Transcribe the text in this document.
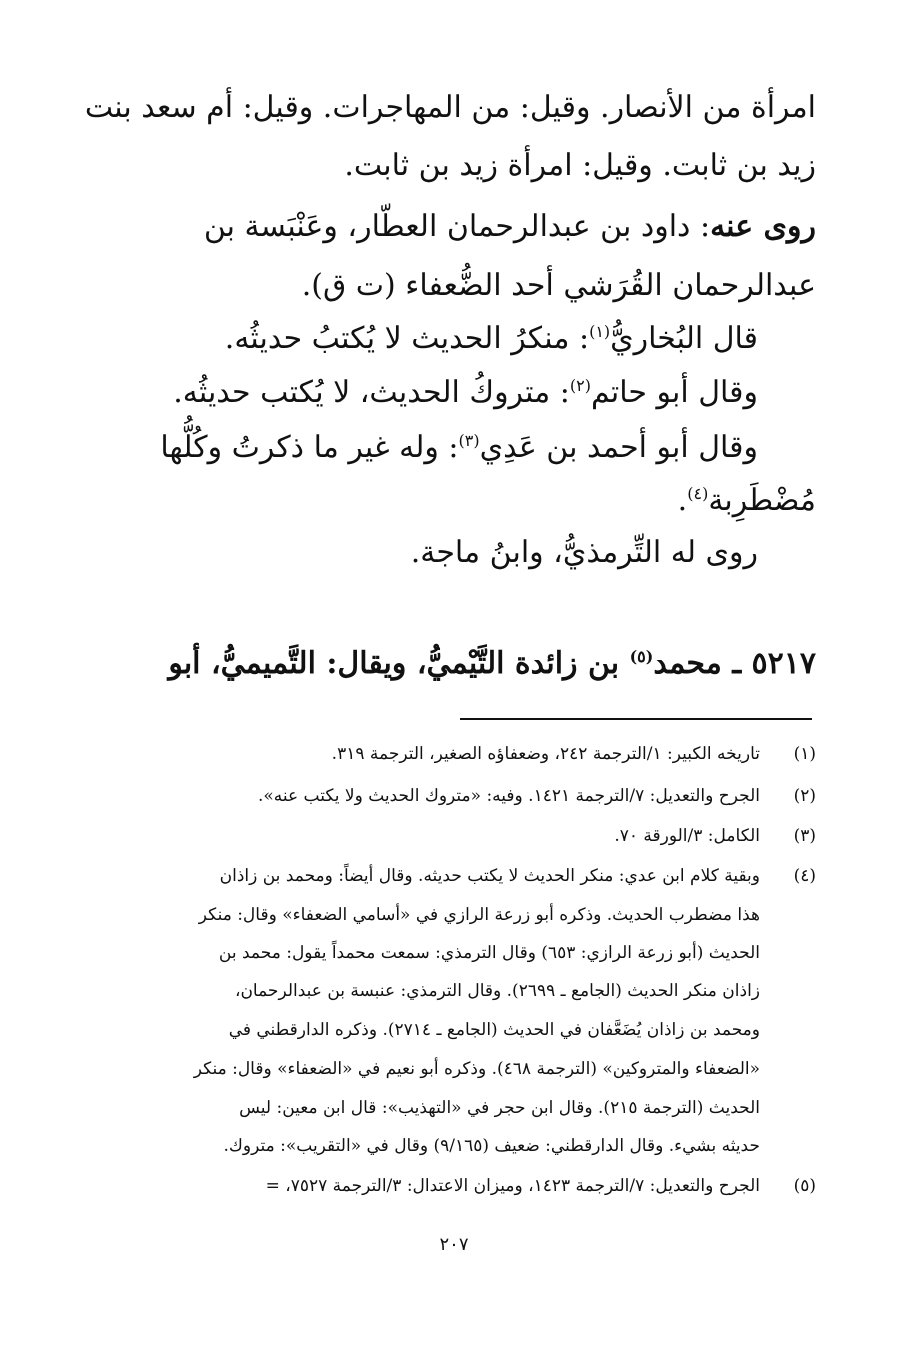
امرأة من الأنصار. وقيل: من المهاجرات. وقيل: أم سعد بنت
زيد بن ثابت. وقيل: امرأة زيد بن ثابت.
روى عنه: داود بن عبدالرحمان العطّار، وعَنْبَسة بن
عبدالرحمان القُرَشي أحد الضُّعفاء (ت ق).
قال البُخاريُّ$^{(١)}$: منكرُ الحديث لا يُكتبُ حديثُه.
وقال أبو حاتم$^{(٢)}$: متروكُ الحديث، لا يُكتب حديثُه.
وقال أبو أحمد بن عَدِي$^{(٣)}$: وله غير ما ذكرتُ وكُلُّها
مُضْطَرِبة$^{(٤)}$.
روى له التِّرمذيُّ، وابنُ ماجة.
٥٢١٧ ـ محمد$^{(٥)}$ بن زائدة التَّيْميُّ، ويقال: التَّميميُّ، أبو
(١)
تاريخه الكبير: ١/الترجمة ٢٤٢، وضعفاؤه الصغير، الترجمة ٣١٩.
(٢)
الجرح والتعديل: ٧/الترجمة ١٤٢١. وفيه: «متروك الحديث ولا يكتب عنه».
(٣)
الكامل: ٣/الورقة ٧٠.
(٤)
وبقية كلام ابن عدي: منكر الحديث لا يكتب حديثه. وقال أيضاً: ومحمد بن زاذان
هذا مضطرب الحديث. وذكره أبو زرعة الرازي في «أسامي الضعفاء» وقال: منكر
الحديث (أبو زرعة الرازي: ٦٥٣) وقال الترمذي: سمعت محمداً يقول: محمد بن
زاذان منكر الحديث (الجامع ـ ٢٦٩٩). وقال الترمذي: عنبسة بن عبدالرحمان،
ومحمد بن زاذان يُضَعَّفان في الحديث (الجامع ـ ٢٧١٤). وذكره الدارقطني في
«الضعفاء والمتروكين» (الترجمة ٤٦٨). وذكره أبو نعيم في «الضعفاء» وقال: منكر
الحديث (الترجمة ٢١٥). وقال ابن حجر في «التهذيب»: قال ابن معين: ليس
حديثه بشيء. وقال الدارقطني: ضعيف (٩/١٦٥) وقال في «التقريب»: متروك.
(٥)
الجرح والتعديل: ٧/الترجمة ١٤٢٣، وميزان الاعتدال: ٣/الترجمة ٧٥٢٧، =
٢٠٧
